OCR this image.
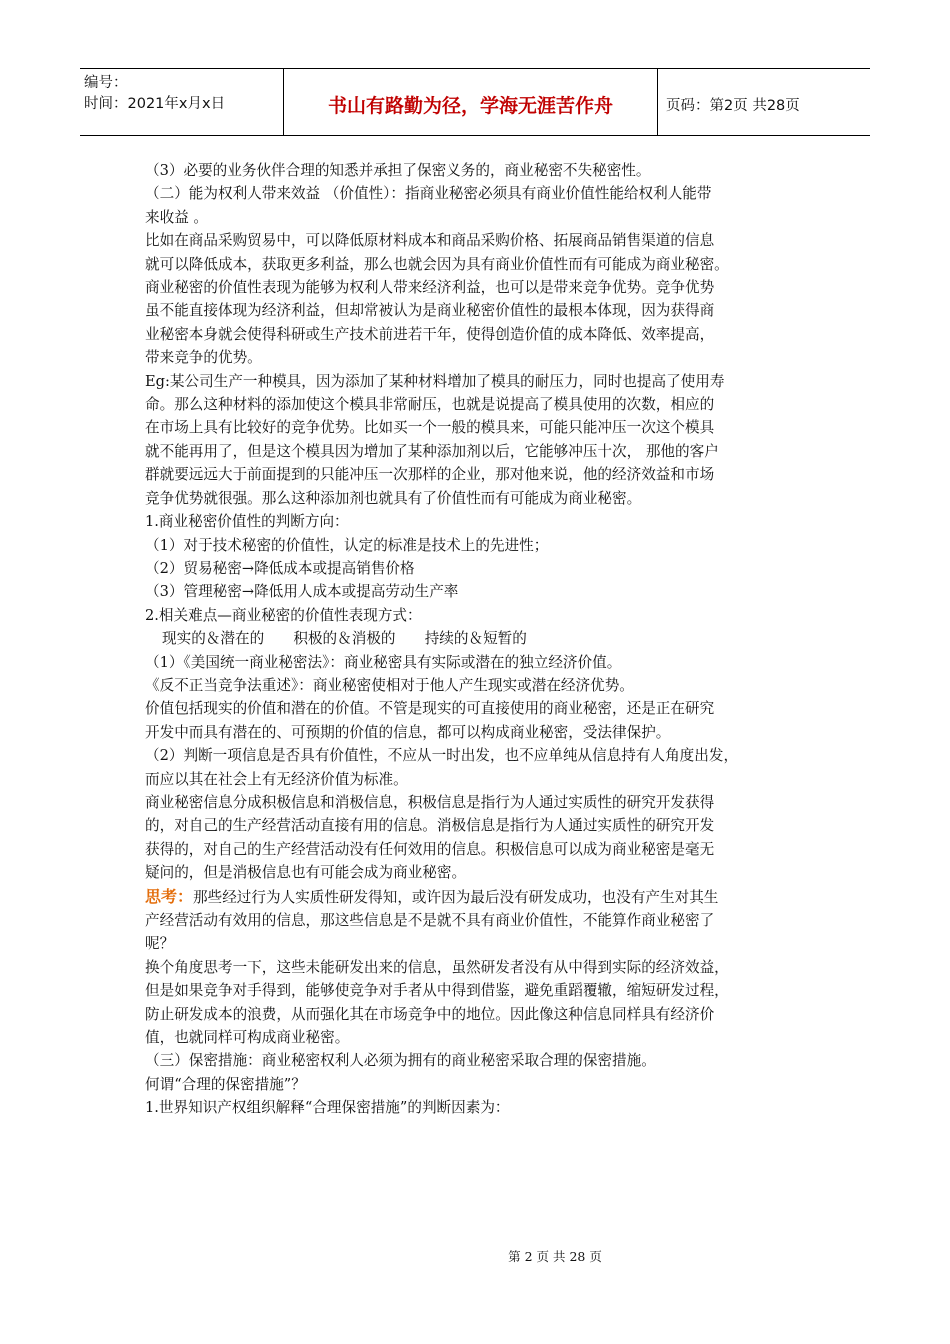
编号：
时间：2021年x月x日	书山有路勤为径，学海无涯苦作舟	页码：第2页 共28页

（3）必要的业务伙伴合理的知悉并承担了保密义务的，商业秘密不失秘密性。

（二）能为权利人带来效益 （价值性）：指商业秘密必须具有商业价值性能给权利人能带

来收益 。

比如在商品采购贸易中，可以降低原材料成本和商品采购价格、拓展商品销售渠道的信息

就可以降低成本，获取更多利益，那么也就会因为具有商业价值性而有可能成为商业秘密。

商业秘密的价值性表现为能够为权利人带来经济利益，也可以是带来竞争优势。竞争优势

虽不能直接体现为经济利益，但却常被认为是商业秘密价值性的最根本体现，因为获得商

业秘密本身就会使得科研或生产技术前进若干年，使得创造价值的成本降低、效率提高，

带来竞争的优势。

Eg:某公司生产一种模具，因为添加了某种材料增加了模具的耐压力，同时也提高了使用寿

命。那么这种材料的添加使这个模具非常耐压，也就是说提高了模具使用的次数，相应的

在市场上具有比较好的竞争优势。比如买一个一般的模具来，可能只能冲压一次这个模具

就不能再用了，但是这个模具因为增加了某种添加剂以后，它能够冲压十次， 那他的客户

群就要远远大于前面提到的只能冲压一次那样的企业，那对他来说，他的经济效益和市场

竞争优势就很强。那么这种添加剂也就具有了价值性而有可能成为商业秘密。

1.商业秘密价值性的判断方向：

（1）对于技术秘密的价值性，认定的标准是技术上的先进性；

（2）贸易秘密→降低成本或提高销售价格

（3）管理秘密→降低用人成本或提高劳动生产率

2.相关难点—商业秘密的价值性表现方式：

现实的＆潜在的　　积极的＆消极的　　持续的＆短暂的

（1）《美国统一商业秘密法》：商业秘密具有实际或潜在的独立经济价值。

《反不正当竞争法重述》：商业秘密使相对于他人产生现实或潜在经济优势。

价值包括现实的价值和潜在的价值。不管是现实的可直接使用的商业秘密，还是正在研究

开发中而具有潜在的、可预期的价值的信息，都可以构成商业秘密，受法律保护。

（2）判断一项信息是否具有价值性，不应从一时出发，也不应单纯从信息持有人角度出发，

而应以其在社会上有无经济价值为标准。

商业秘密信息分成积极信息和消极信息，积极信息是指行为人通过实质性的研究开发获得

的，对自己的生产经营活动直接有用的信息。消极信息是指行为人通过实质性的研究开发

获得的，对自己的生产经营活动没有任何效用的信息。积极信息可以成为商业秘密是毫无

疑问的，但是消极信息也有可能会成为商业秘密。

思考：那些经过行为人实质性研发得知，或许因为最后没有研发成功，也没有产生对其生

产经营活动有效用的信息，那这些信息是不是就不具有商业价值性，不能算作商业秘密了

呢？

换个角度思考一下，这些未能研发出来的信息，虽然研发者没有从中得到实际的经济效益，

但是如果竞争对手得到，能够使竞争对手者从中得到借鉴，避免重蹈覆辙，缩短研发过程，

防止研发成本的浪费，从而强化其在市场竞争中的地位。因此像这种信息同样具有经济价

值，也就同样可构成商业秘密。

（三）保密措施：商业秘密权利人必须为拥有的商业秘密采取合理的保密措施。

何谓“合理的保密措施”？

1.世界知识产权组织解释“合理保密措施”的判断因素为：

第 2 页 共 28 页
